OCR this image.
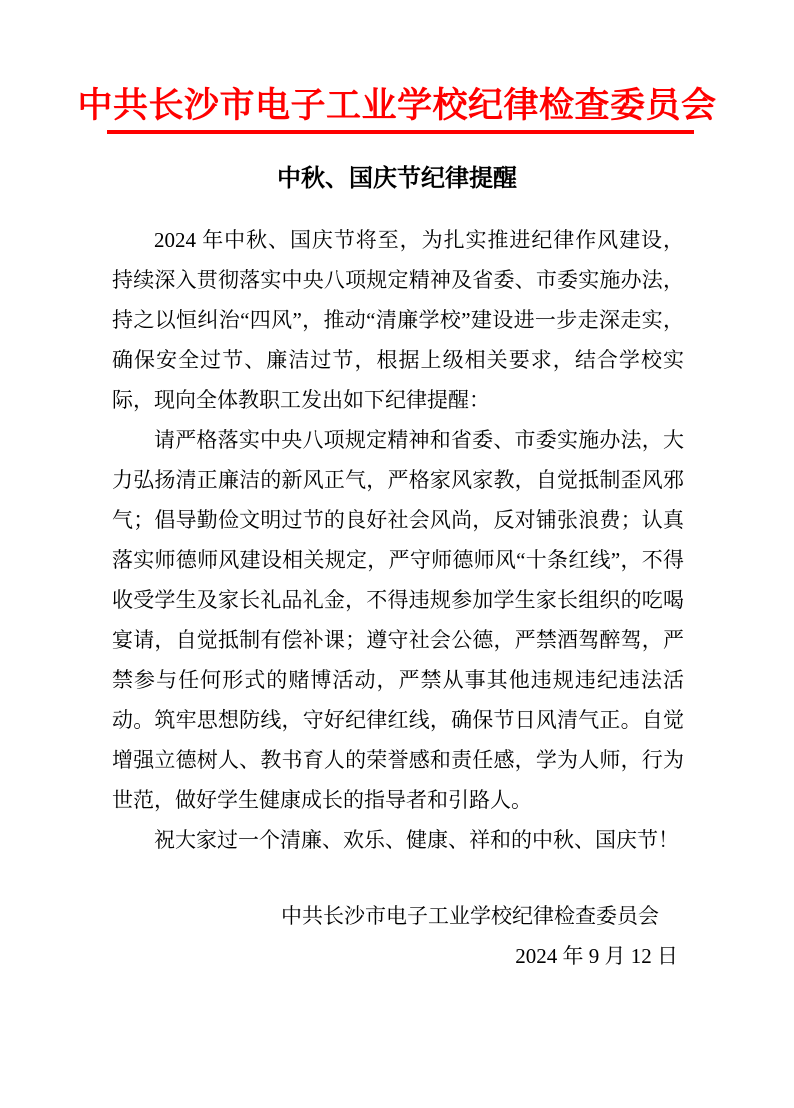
中共长沙市电子工业学校纪律检查委员会
中秋、国庆节纪律提醒

2024 年中秋、国庆节将至，为扎实推进纪律作风建设，持续深入贯彻落实中央八项规定精神及省委、市委实施办法，持之以恒纠治“四风”，推动“清廉学校”建设进一步走深走实，确保安全过节、廉洁过节，根据上级相关要求，结合学校实际，现向全体教职工发出如下纪律提醒：

请严格落实中央八项规定精神和省委、市委实施办法，大力弘扬清正廉洁的新风正气，严格家风家教，自觉抵制歪风邪气；倡导勤俭文明过节的良好社会风尚，反对铺张浪费；认真落实师德师风建设相关规定，严守师德师风“十条红线”，不得收受学生及家长礼品礼金，不得违规参加学生家长组织的吃喝宴请，自觉抵制有偿补课；遵守社会公德，严禁酒驾醉驾，严禁参与任何形式的赌博活动，严禁从事其他违规违纪违法活动。筑牢思想防线，守好纪律红线，确保节日风清气正。自觉增强立德树人、教书育人的荣誉感和责任感，学为人师，行为世范，做好学生健康成长的指导者和引路人。

祝大家过一个清廉、欢乐、健康、祥和的中秋、国庆节！

中共长沙市电子工业学校纪律检查委员会
2024 年 9 月 12 日
